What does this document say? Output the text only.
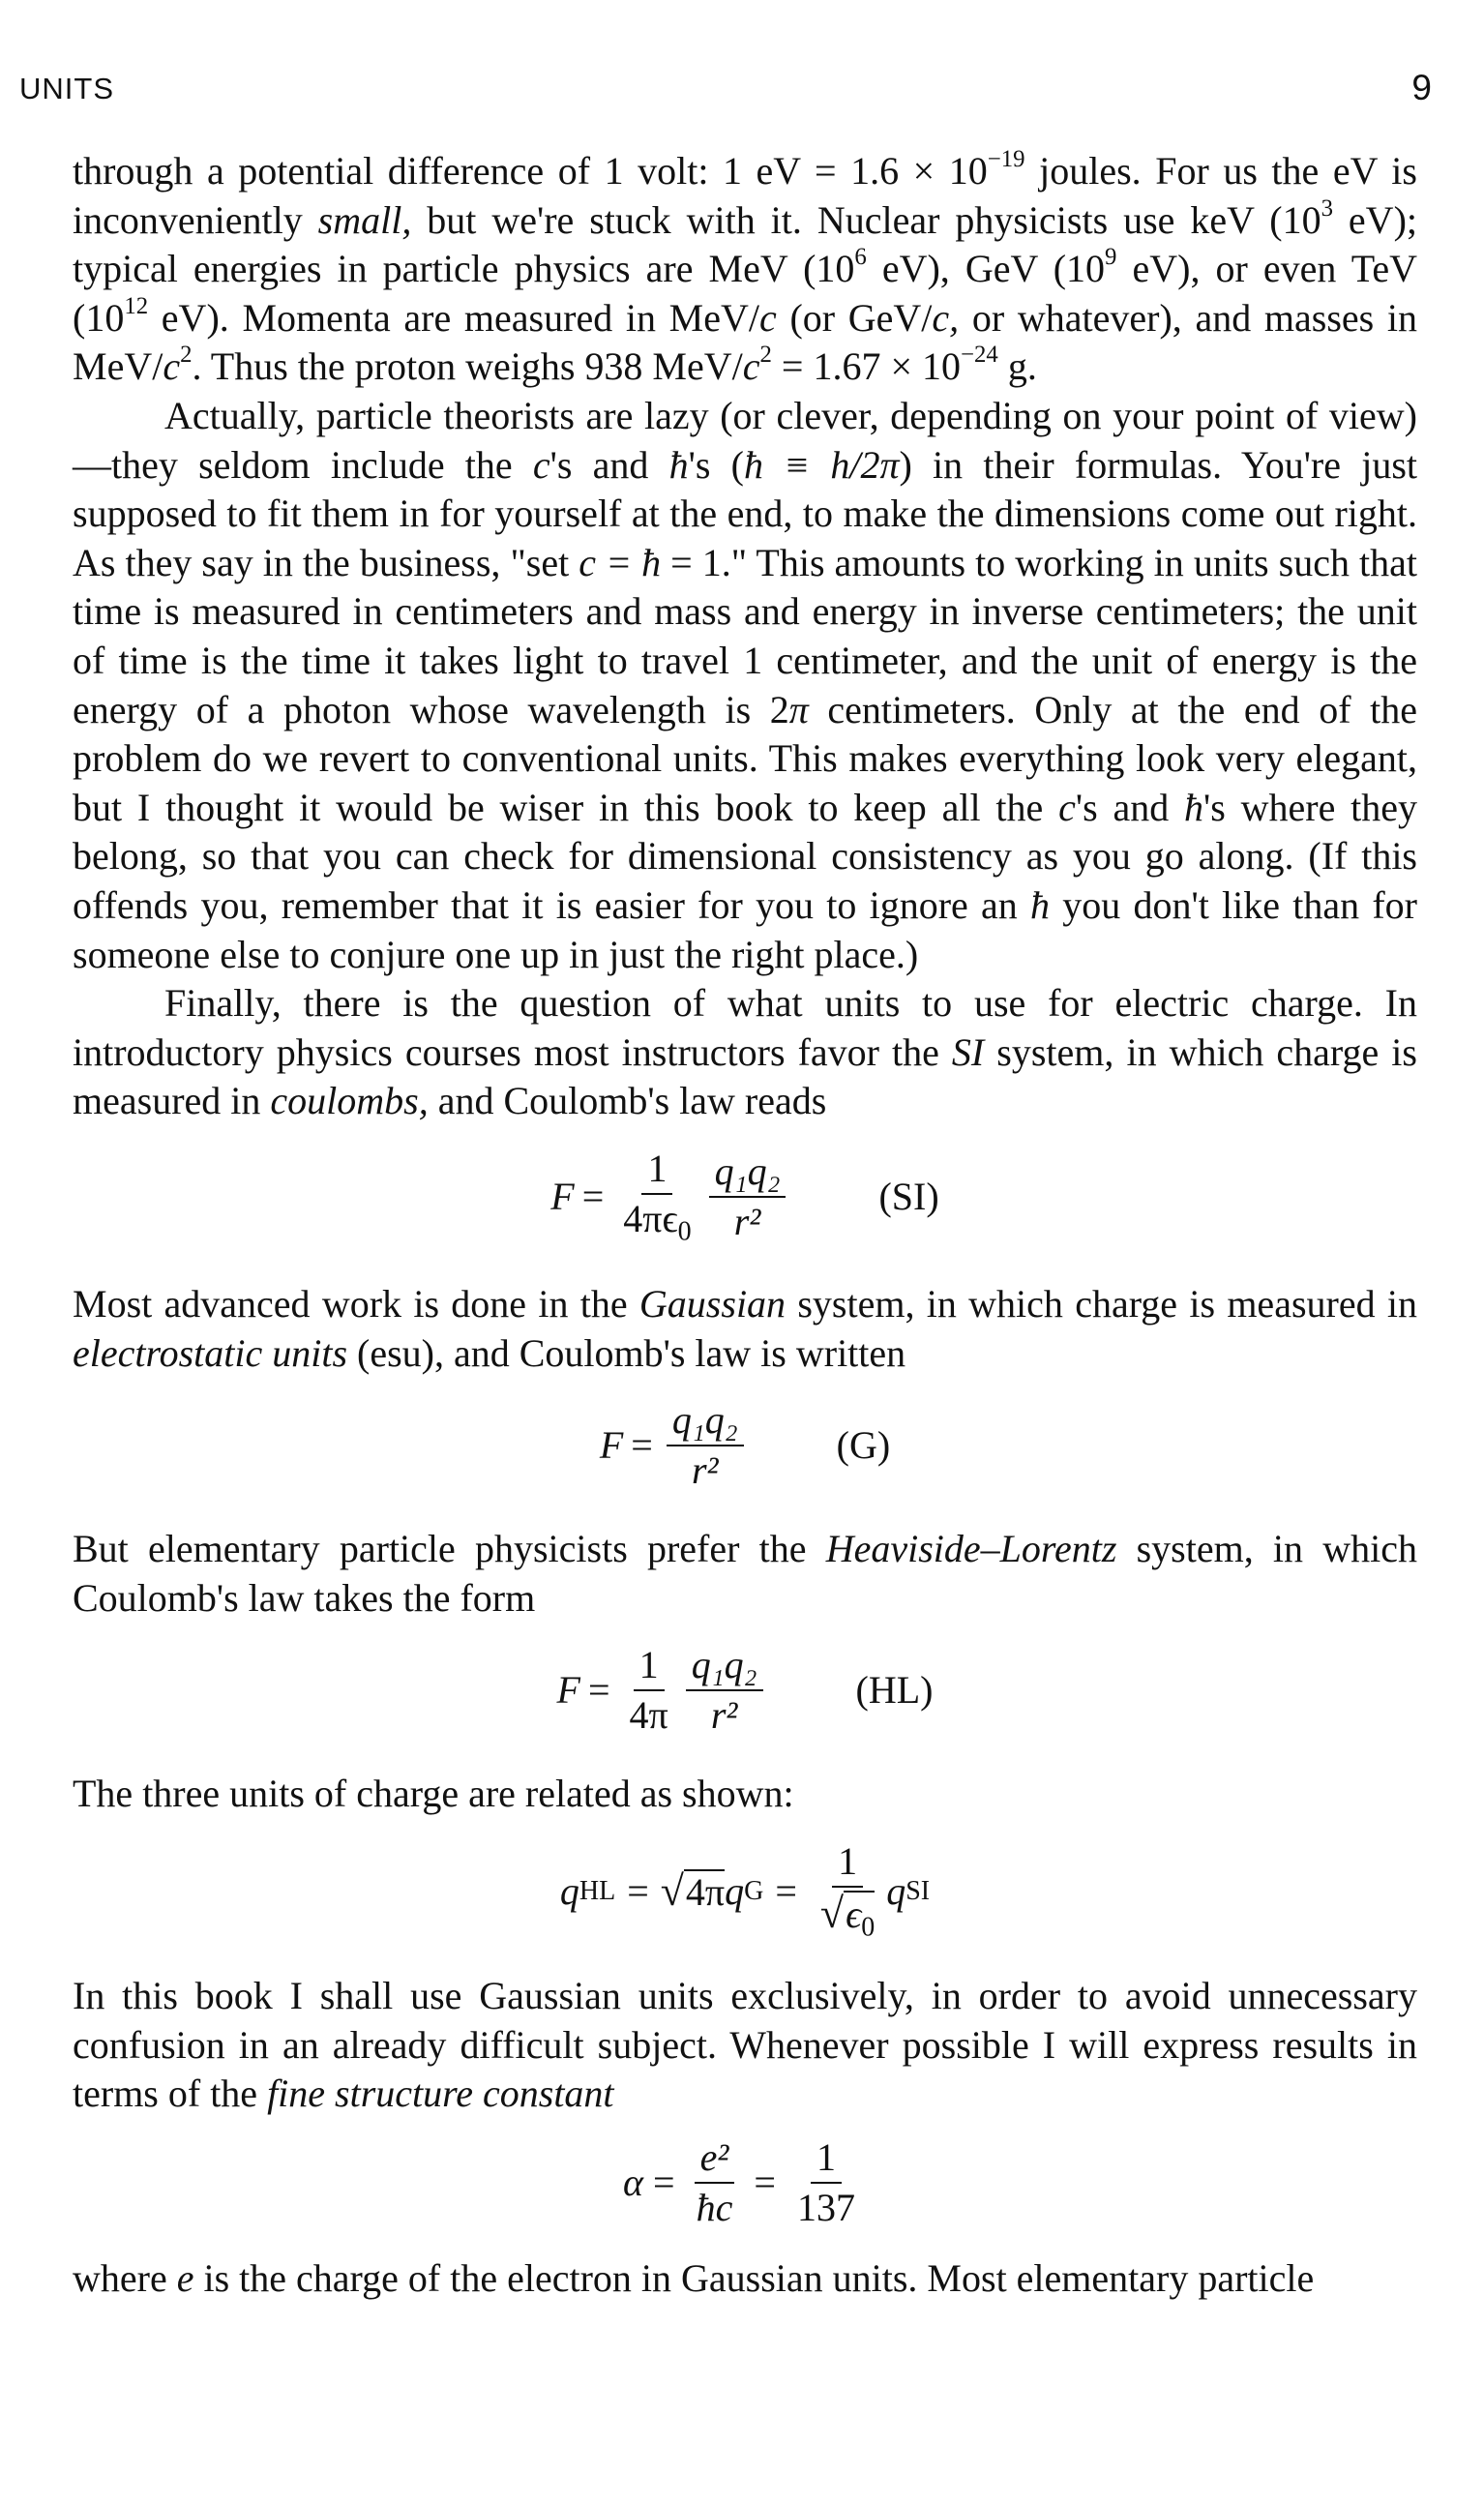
UNITS	9

through a potential difference of 1 volt: 1 eV = $1.6 \times 10^{-19}$ joules. For us the eV is inconveniently small, but we're stuck with it. Nuclear physicists use keV ($10^3$ eV); typical energies in particle physics are MeV ($10^6$ eV), GeV ($10^9$ eV), or even TeV ($10^{12}$ eV). Momenta are measured in MeV/c (or GeV/c, or whatever), and masses in MeV/$c^2$. Thus the proton weighs 938 MeV/$c^2 = 1.67 \times 10^{-24}$ g.

Actually, particle theorists are lazy (or clever, depending on your point of view)—they seldom include the c's and ħ's (ħ ≡ h/2π) in their formulas. You're just supposed to fit them in for yourself at the end, to make the dimensions come out right. As they say in the business, "set c = ħ = 1." This amounts to working in units such that time is measured in centimeters and mass and energy in inverse centimeters; the unit of time is the time it takes light to travel 1 centimeter, and the unit of energy is the energy of a photon whose wavelength is 2π centimeters. Only at the end of the problem do we revert to conventional units. This makes everything look very elegant, but I thought it would be wiser in this book to keep all the c's and ħ's where they belong, so that you can check for dimensional consistency as you go along. (If this offends you, remember that it is easier for you to ignore an ħ you don't like than for someone else to conjure one up in just the right place.)

Finally, there is the question of what units to use for electric charge. In introductory physics courses most instructors favor the SI system, in which charge is measured in coulombs, and Coulomb's law reads

$F = \frac{1}{4\pi\epsilon_0} \frac{\text{q₁q₂}}{\text{r²}} (SI)$

Most advanced work is done in the Gaussian system, in which charge is measured in electrostatic units (esu), and Coulomb's law is written

$F = \frac{\text{q₁q₂}}{\text{r²}} (G)$

But elementary particle physicists prefer the Heaviside–Lorentz system, in which Coulomb's law takes the form

$F = \frac{1}{4\pi} \frac{\text{q₁q₂}}{\text{r²}} (HL)$

The three units of charge are related as shown:

q HL = √ 4π q $G = \frac{1}{√\epsilon_0}$ q SI

In this book I shall use Gaussian units exclusively, in order to avoid unnecessary confusion in an already difficult subject. Whenever possible I will express results in terms of the fine structure constant

$\alpha = \frac{\text{e²}}{ħc} = \frac{1}{137}$

where e is the charge of the electron in Gaussian units. Most elementary particle
